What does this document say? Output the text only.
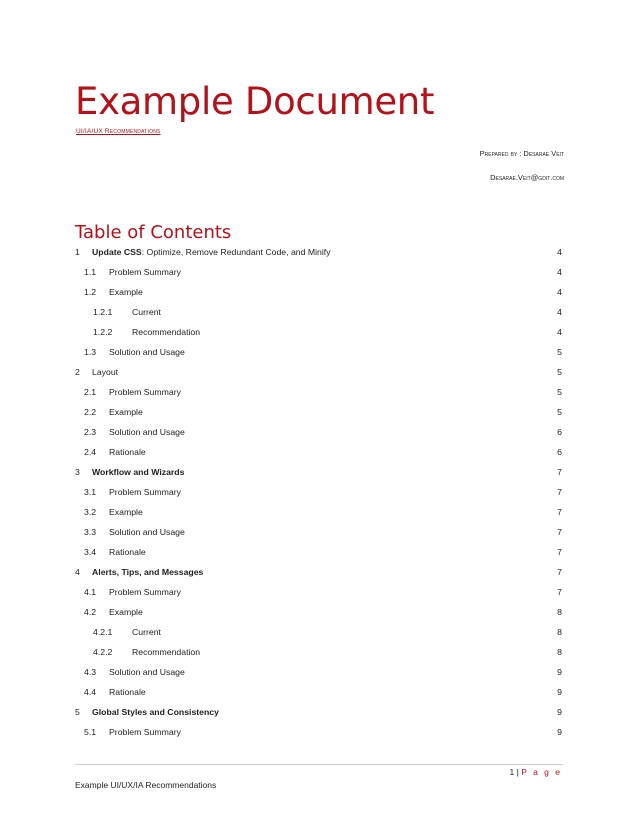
Example Document
UI/IA/UX Recommendations
Prepared by : Desarae Veit
Desarae.Veit@gdit.com
Table of Contents
1 Update CSS: Optimize, Remove Redundant Code, and Minify	4
1.1 Problem Summary	4
1.2 Example	4
1.2.1 Current	4
1.2.2 Recommendation	4
1.3 Solution and Usage	5
2 Layout	5
2.1 Problem Summary	5
2.2 Example	5
2.3 Solution and Usage	6
2.4 Rationale	6
3 Workflow and Wizards	7
3.1 Problem Summary	7
3.2 Example	7
3.3 Solution and Usage	7
3.4 Rationale	7
4 Alerts, Tips, and Messages	7
4.1 Problem Summary	7
4.2 Example	8
4.2.1 Current	8
4.2.2 Recommendation	8
4.3 Solution and Usage	9
4.4 Rationale	9
5 Global Styles and Consistency	9
5.1 Problem Summary	9
1 | P a g e
Example UI/UX/IA Recommendations
